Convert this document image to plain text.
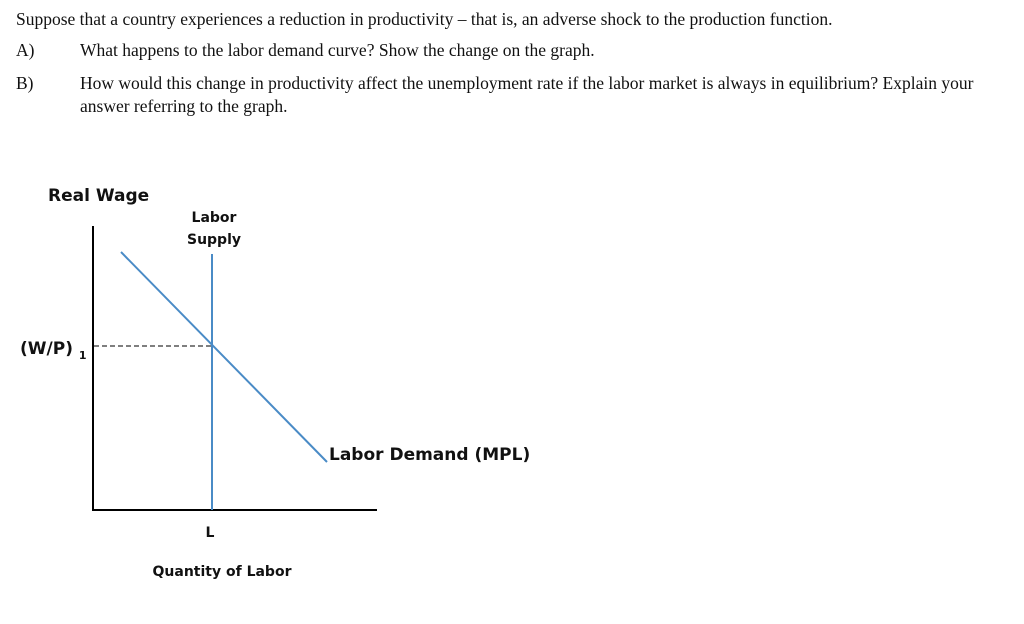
Suppose that a country experiences a reduction in productivity – that is, an adverse shock to the production function.
A)	What happens to the labor demand curve? Show the change on the graph.
B)	How would this change in productivity affect the unemployment rate if the labor market is always in equilibrium? Explain your answer referring to the graph.
Real Wage
Labor
Supply
(W/P) $_1$
Labor Demand (MPL)
L
Quantity of Labor
